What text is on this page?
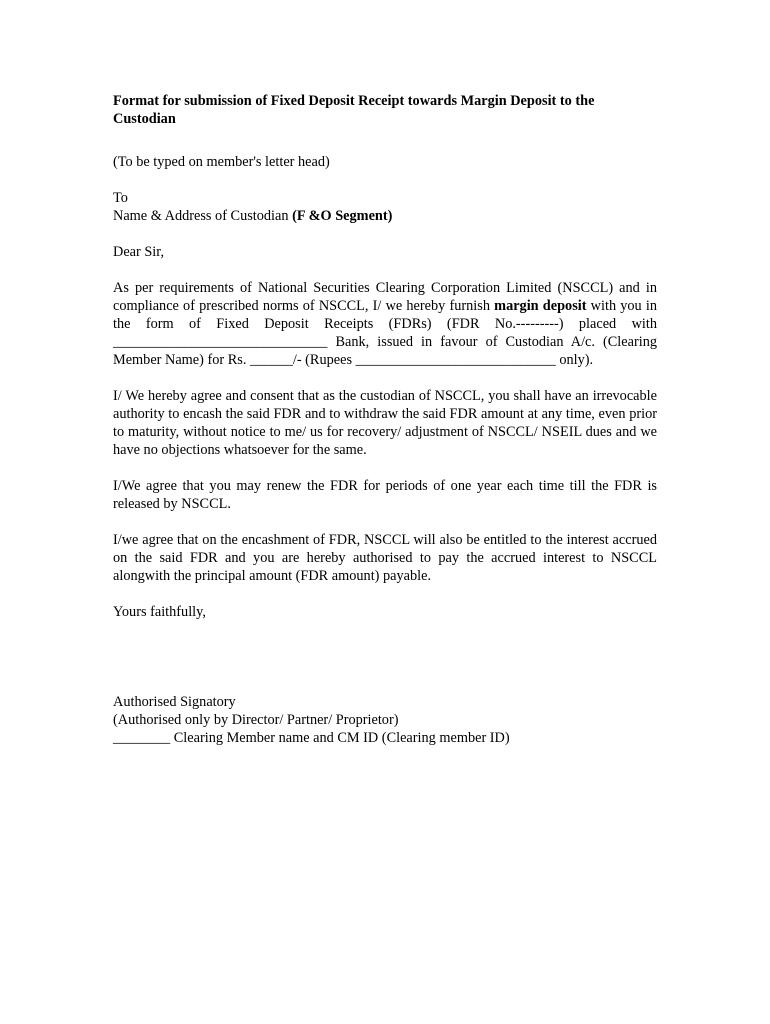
Format for submission of Fixed Deposit Receipt towards Margin Deposit to the Custodian
(To be typed on member's letter head)
To
Name & Address of Custodian (F &O Segment)
Dear Sir,
As per requirements of National Securities Clearing Corporation Limited (NSCCL) and in compliance of prescribed norms of NSCCL, I/ we hereby furnish margin deposit with you in the form of Fixed Deposit Receipts (FDRs) (FDR No.---------) placed with ______________________________ Bank, issued in favour of Custodian A/c. (Clearing Member Name) for Rs. ______/- (Rupees ____________________________ only).
I/ We hereby agree and consent that as the custodian of NSCCL, you shall have an irrevocable authority to encash the said FDR and to withdraw the said FDR amount at any time, even prior to maturity, without notice to me/ us for recovery/ adjustment of NSCCL/ NSEIL dues and we have no objections whatsoever for the same.
I/We agree that you may renew the FDR for periods of one year each time till the FDR is released by NSCCL.
I/we agree that on the encashment of FDR, NSCCL will also be entitled to the interest accrued on the said FDR and you are hereby authorised to pay the accrued interest to NSCCL alongwith the principal amount (FDR amount) payable.
Yours faithfully,
Authorised Signatory
(Authorised only by Director/ Partner/ Proprietor)
________ Clearing Member name and CM ID (Clearing member ID)
